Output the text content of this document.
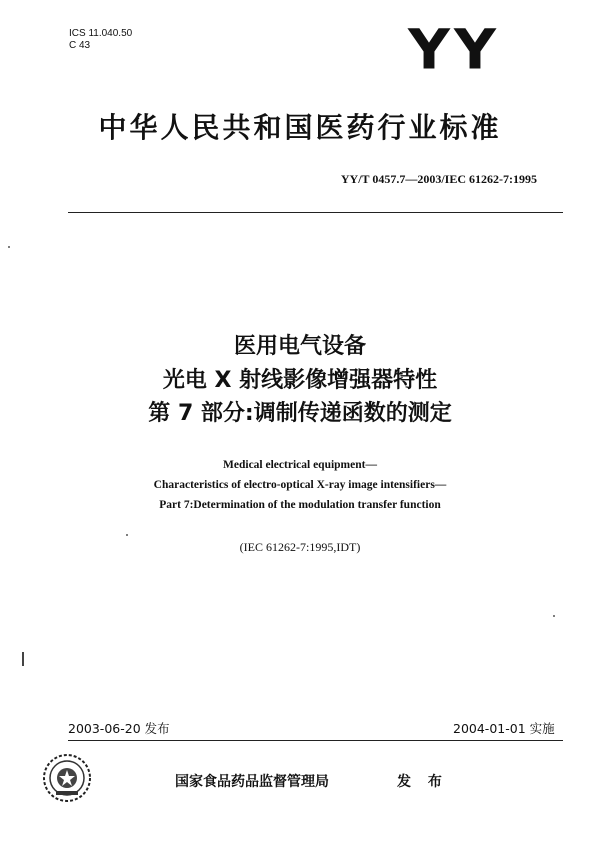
ICS 11.040.50
C 43	YY
中华人民共和国医药行业标准
YY/T 0457.7—2003/IEC 61262-7:1995
医用电气设备
光电 X 射线影像增强器特性
第 7 部分:调制传递函数的测定
Medical electrical equipment—
Characteristics of electro-optical X-ray image intensifiers—
Part 7:Determination of the modulation transfer function
(IEC 61262-7:1995,IDT)
2003-06-20 发布	2004-01-01 实施
国家食品药品监督管理局	发 布
